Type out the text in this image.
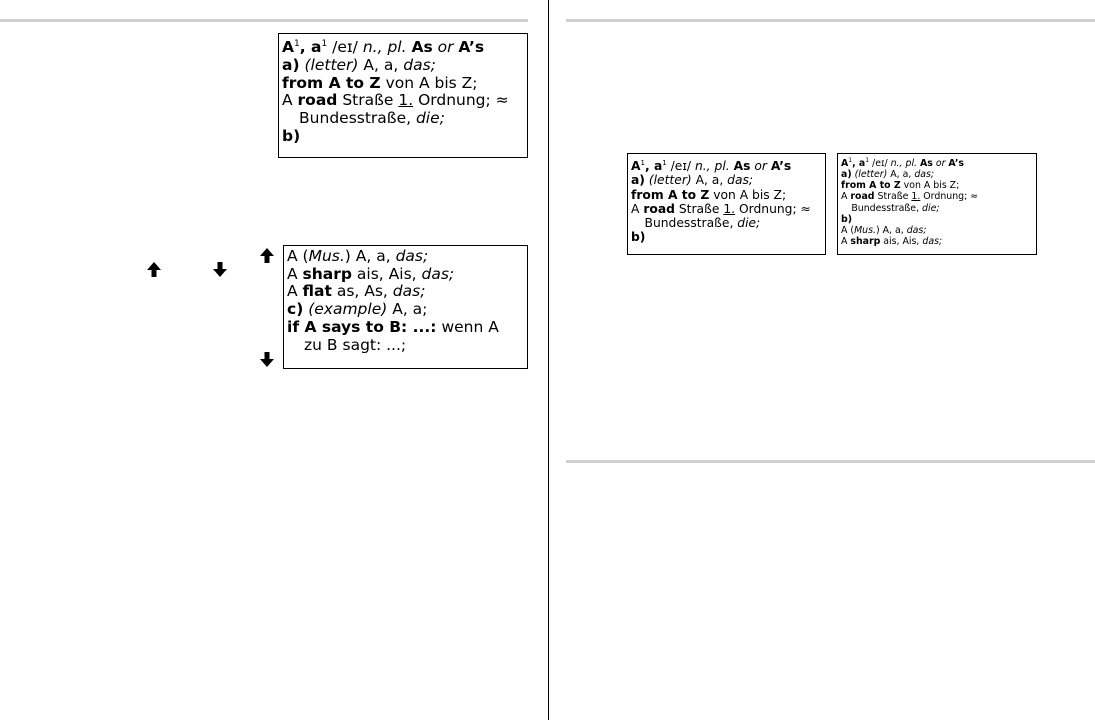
$A^1$, $a^1$ /eɪ/ n., pl. As or A’s
a) (letter) A, a, das;
from A to Z von A bis Z;
A road Straße 1. Ordnung; ≈
Bundesstraße, die;
b)
A (Mus.) A, a, das;
A sharp ais, Ais, das;
A flat as, As, das;
c) (example) A, a;
if A says to B: ...: wenn A
zu B sagt: ...;
$A^1$, $a^1$ /eɪ/ n., pl. As or A’s
a) (letter) A, a, das;
from A to Z von A bis Z;
A road Straße 1. Ordnung; ≈
Bundesstraße, die;
b)
$A^1$, $a^1$ /eɪ/ n., pl. As or A’s
a) (letter) A, a, das;
from A to Z von A bis Z;
A road Straße 1. Ordnung; ≈
Bundesstraße, die;
b)
A (Mus.) A, a, das;
A sharp ais, Ais, das;
